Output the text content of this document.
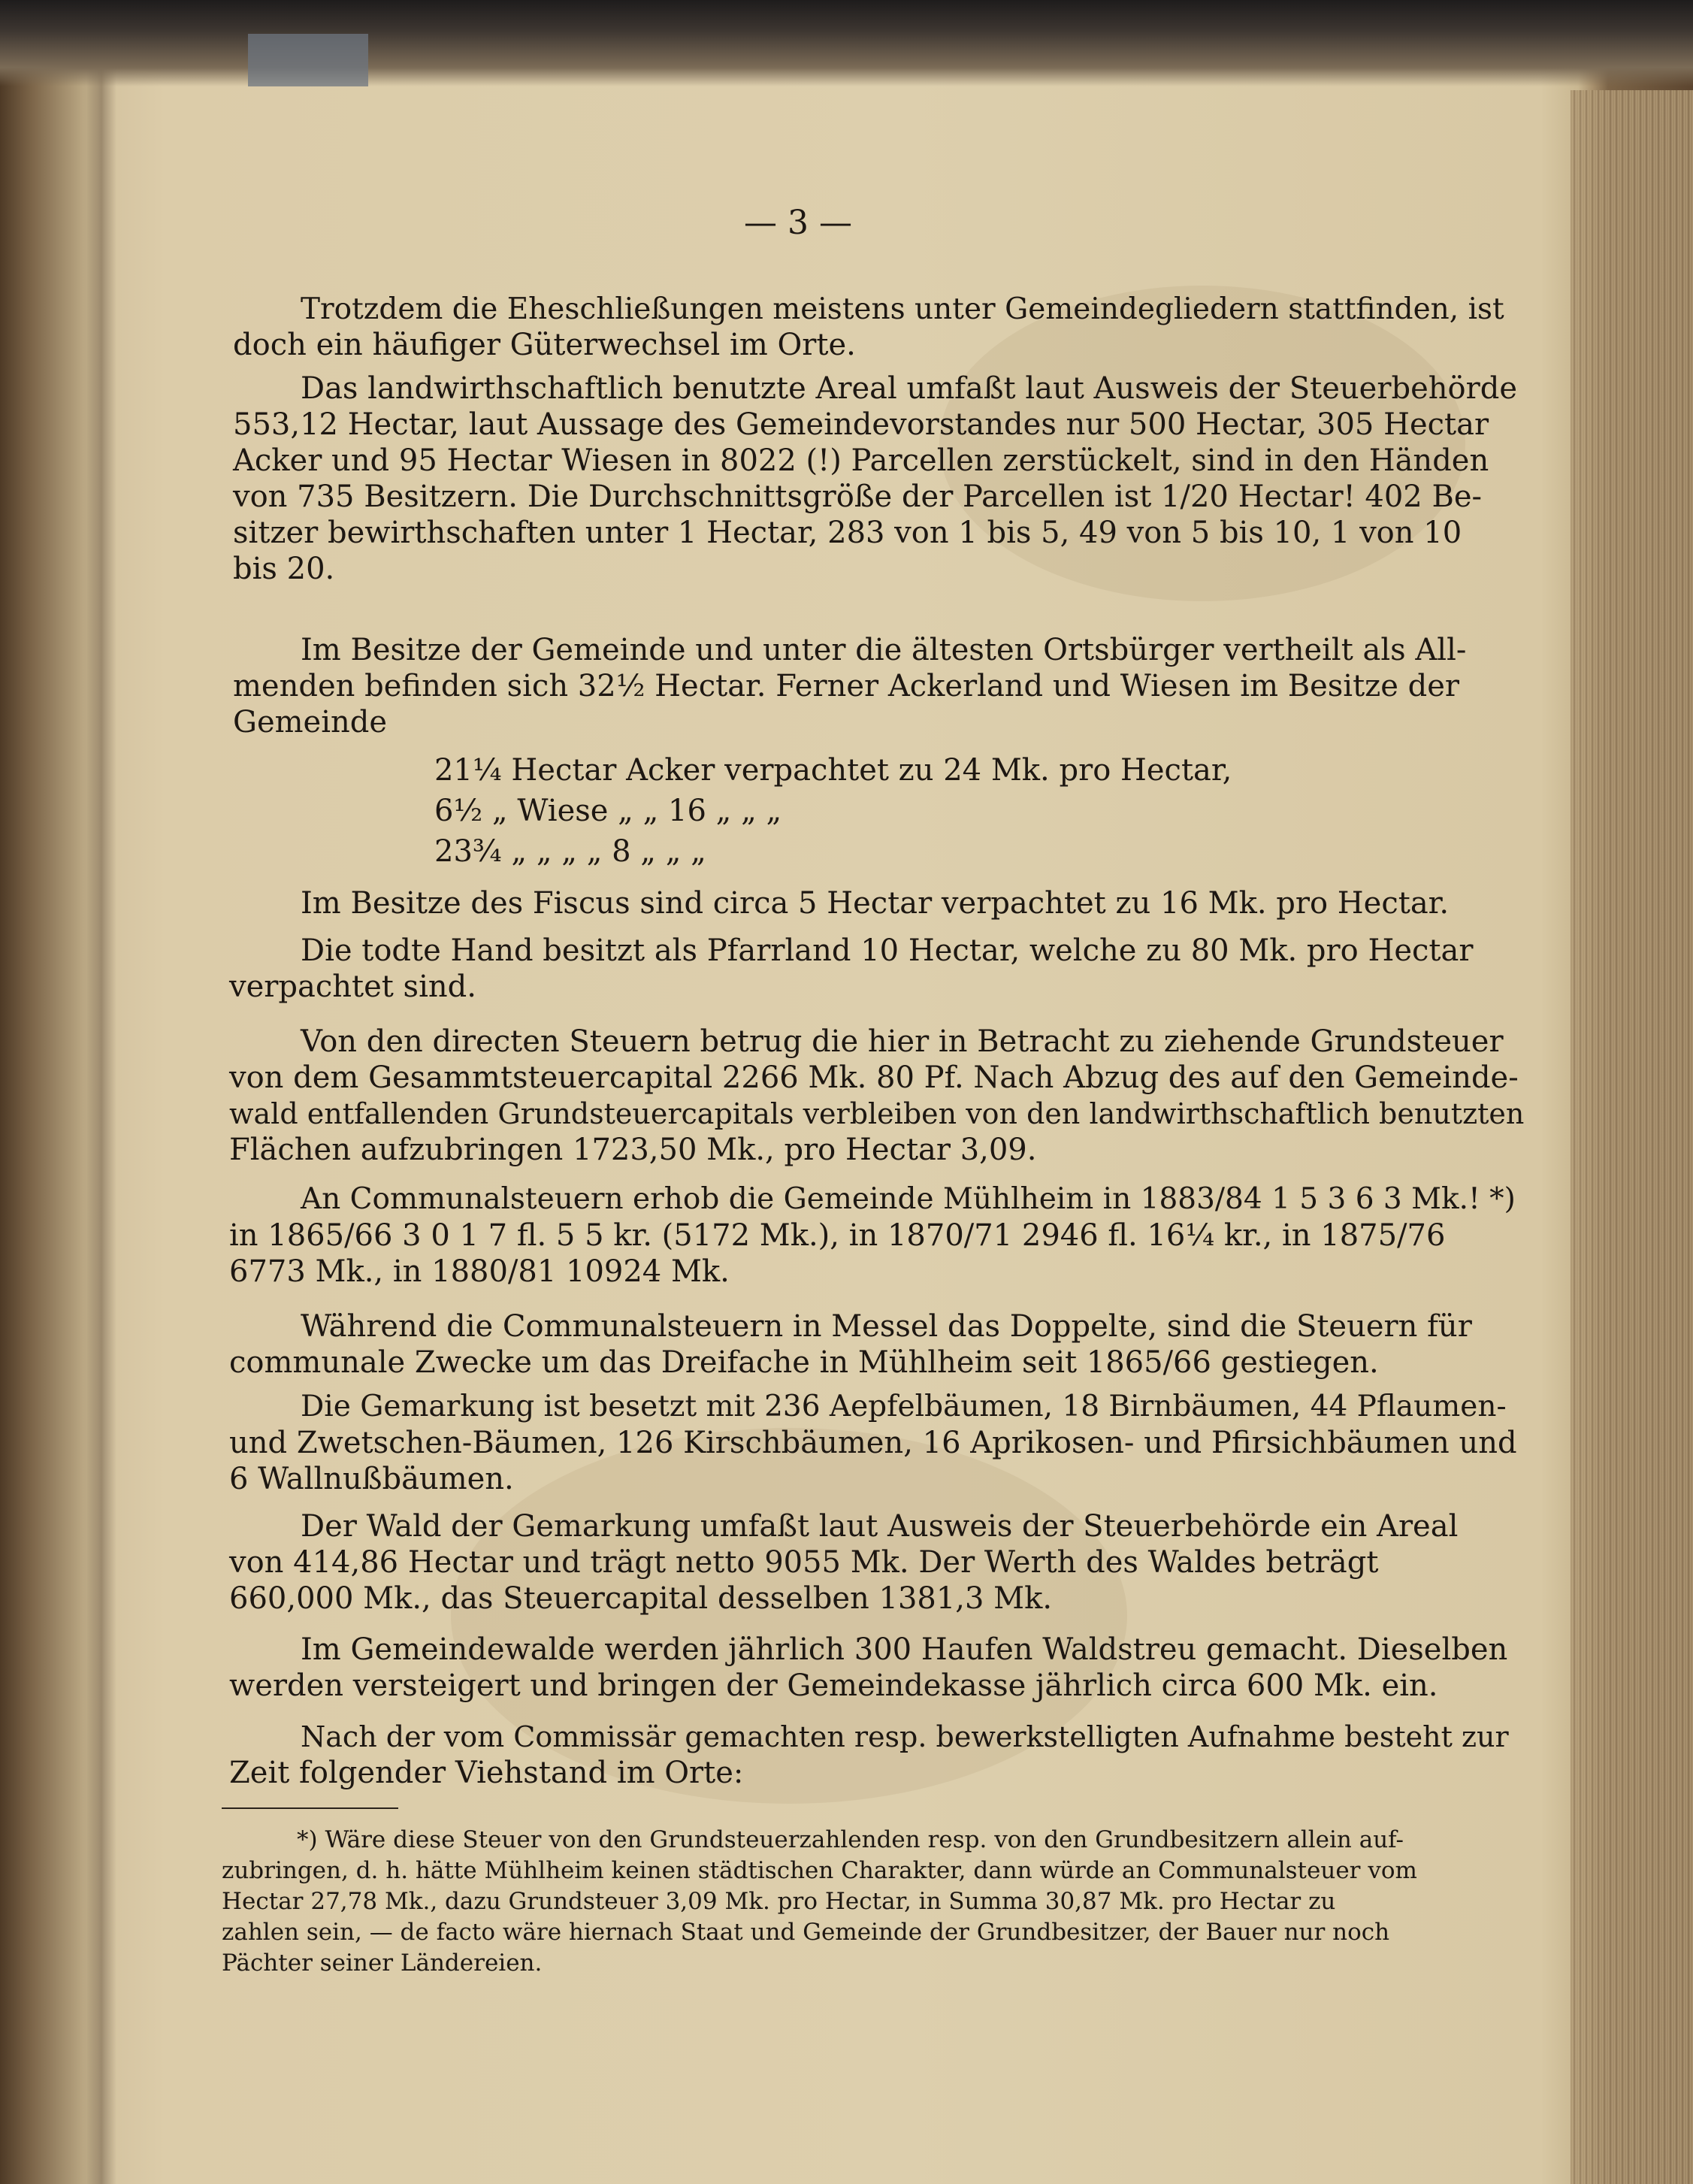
— 3 —
Trotzdem die Eheschließungen meistens unter Gemeindegliedern stattfinden, ist
doch ein häufiger Güterwechsel im Orte.
Das landwirthschaftlich benutzte Areal umfaßt laut Ausweis der Steuerbehörde
553,12 Hectar, laut Aussage des Gemeindevorstandes nur 500 Hectar, 305 Hectar
Acker und 95 Hectar Wiesen in 8022 (!) Parcellen zerstückelt, sind in den Händen
von 735 Besitzern. Die Durchschnittsgröße der Parcellen ist 1/20 Hectar! 402 Be-
sitzer bewirthschaften unter 1 Hectar, 283 von 1 bis 5, 49 von 5 bis 10, 1 von 10
bis 20.
Im Besitze der Gemeinde und unter die ältesten Ortsbürger vertheilt als All-
menden befinden sich 32½ Hectar. Ferner Ackerland und Wiesen im Besitze der
Gemeinde
21¼ Hectar Acker verpachtet zu 24 Mk. pro Hectar,
6½ „ Wiese „ „ 16 „ „ „
23¾ „ „ „ „ 8 „ „ „
Im Besitze des Fiscus sind circa 5 Hectar verpachtet zu 16 Mk. pro Hectar.
Die todte Hand besitzt als Pfarrland 10 Hectar, welche zu 80 Mk. pro Hectar
verpachtet sind.
Von den directen Steuern betrug die hier in Betracht zu ziehende Grundsteuer
von dem Gesammtsteuercapital 2266 Mk. 80 Pf. Nach Abzug des auf den Gemeinde-
wald entfallenden Grundsteuercapitals verbleiben von den landwirthschaftlich benutzten
Flächen aufzubringen 1723,50 Mk., pro Hectar 3,09.
An Communalsteuern erhob die Gemeinde Mühlheim in 1883/84 1 5 3 6 3 Mk.! *)
in 1865/66 3 0 1 7 fl. 5 5 kr. (5172 Mk.), in 1870/71 2946 fl. 16¼ kr., in 1875/76
6773 Mk., in 1880/81 10924 Mk.
Während die Communalsteuern in Messel das Doppelte, sind die Steuern für
communale Zwecke um das Dreifache in Mühlheim seit 1865/66 gestiegen.
Die Gemarkung ist besetzt mit 236 Aepfelbäumen, 18 Birnbäumen, 44 Pflaumen-
und Zwetschen-Bäumen, 126 Kirschbäumen, 16 Aprikosen- und Pfirsichbäumen und
6 Wallnußbäumen.
Der Wald der Gemarkung umfaßt laut Ausweis der Steuerbehörde ein Areal
von 414,86 Hectar und trägt netto 9055 Mk. Der Werth des Waldes beträgt
660,000 Mk., das Steuercapital desselben 1381,3 Mk.
Im Gemeindewalde werden jährlich 300 Haufen Waldstreu gemacht. Dieselben
werden versteigert und bringen der Gemeindekasse jährlich circa 600 Mk. ein.
Nach der vom Commissär gemachten resp. bewerkstelligten Aufnahme besteht zur
Zeit folgender Viehstand im Orte:
*) Wäre diese Steuer von den Grundsteuerzahlenden resp. von den Grundbesitzern allein auf-
zubringen, d. h. hätte Mühlheim keinen städtischen Charakter, dann würde an Communalsteuer vom
Hectar 27,78 Mk., dazu Grundsteuer 3,09 Mk. pro Hectar, in Summa 30,87 Mk. pro Hectar zu
zahlen sein, — de facto wäre hiernach Staat und Gemeinde der Grundbesitzer, der Bauer nur noch
Pächter seiner Ländereien.
